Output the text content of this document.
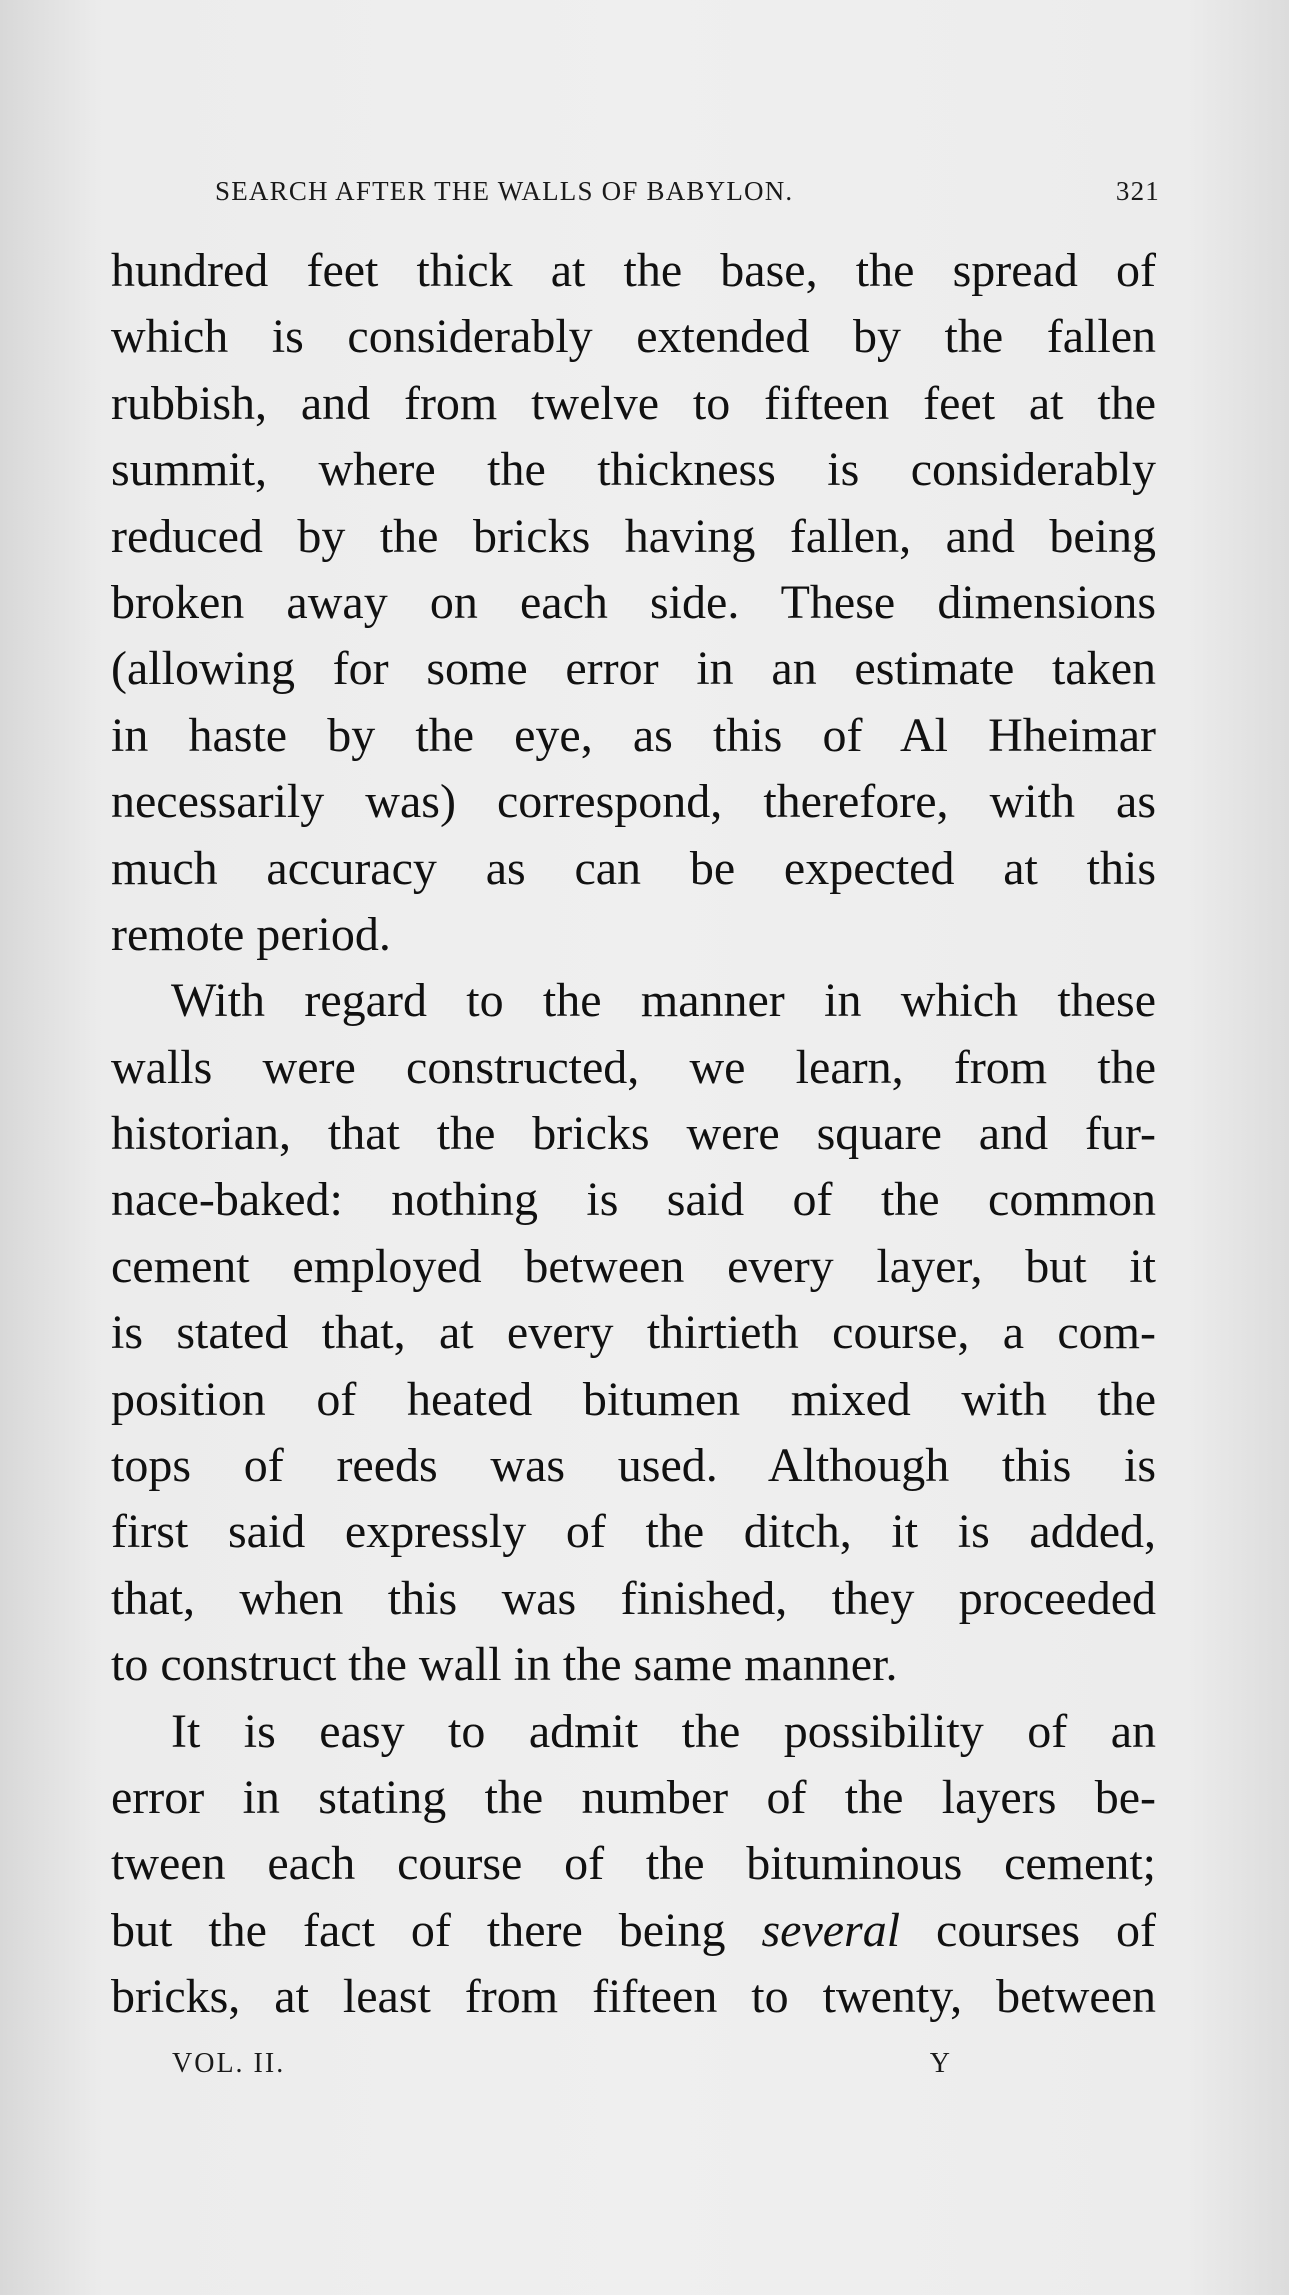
SEARCH AFTER THE WALLS OF BABYLON.	321
hundred feet thick at the base, the spread of
which is considerably extended by the fallen
rubbish, and from twelve to fifteen feet at the
summit, where the thickness is considerably
reduced by the bricks having fallen, and being
broken away on each side. These dimensions
(allowing for some error in an estimate taken
in haste by the eye, as this of Al Hheimar
necessarily was) correspond, therefore, with as
much accuracy as can be expected at this
remote period.
With regard to the manner in which these
walls were constructed, we learn, from the
historian, that the bricks were square and fur-
nace-baked: nothing is said of the common
cement employed between every layer, but it
is stated that, at every thirtieth course, a com-
position of heated bitumen mixed with the
tops of reeds was used. Although this is
first said expressly of the ditch, it is added,
that, when this was finished, they proceeded
to construct the wall in the same manner.
It is easy to admit the possibility of an
error in stating the number of the layers be-
tween each course of the bituminous cement;
but the fact of there being several courses of
bricks, at least from fifteen to twenty, between
VOL. II.	Y
